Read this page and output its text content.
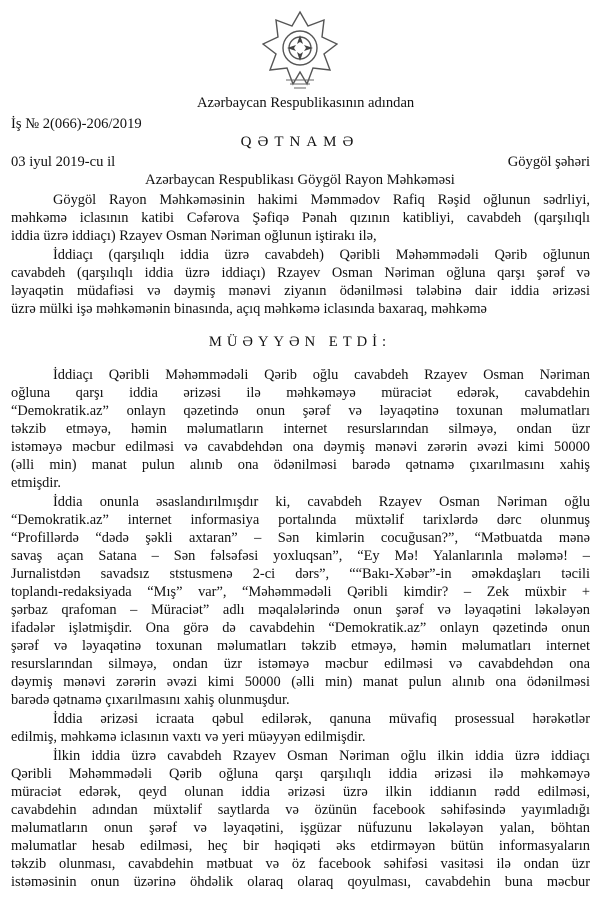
Azərbaycan Respublikasının adından
İş № 2(066)-206/2019
QƏTNAMƏ
03 iyul 2019-cu il	Göygöl şəhəri
Azərbaycan Respublikası Göygöl Rayon Məhkəməsi
Göygöl Rayon Məhkəməsinin hakimi Məmmədov Rafiq Rəşid oğlunun sədrliyi,
məhkəmə iclasının katibi Cəfərova Şəfiqə Pənah qızının katibliyi, cavabdeh (qarşılıqlı
iddia üzrə iddiaçı) Rzayev Osman Nəriman oğlunun iştirakı ilə,
İddiaçı (qarşılıqlı iddia üzrə cavabdeh) Qəribli Məhəmmədəli Qərib oğlunun
cavabdeh (qarşılıqlı iddia üzrə iddiaçı) Rzayev Osman Nəriman oğluna qarşı şərəf və
ləyaqətin müdafiəsi və dəymiş mənəvi ziyanın ödənilməsi tələbinə dair iddia ərizəsi
üzrə mülki işə məhkəmənin binasında, açıq məhkəmə iclasında baxaraq, məhkəmə
MÜƏYYƏN ETDİ:
İddiaçı Qəribli Məhəmmədəli Qərib oğlu cavabdeh Rzayev Osman Nəriman
oğluna qarşı iddia ərizəsi ilə məhkəməyə müraciət edərək, cavabdehin
“Demokratik.az” onlayn qəzetində onun şərəf və ləyaqətinə toxunan məlumatları
təkzib etməyə, həmin məlumatların internet resurslarından silməyə, ondan üzr
istəməyə məcbur edilməsi və cavabdehdən ona dəymiş mənəvi zərərin əvəzi kimi 50000
(əlli min) manat pulun alınıb ona ödənilməsi barədə qətnamə çıxarılmasını xahiş
etmişdir.
İddia onunla əsaslandırılmışdır ki, cavabdeh Rzayev Osman Nəriman oğlu
“Demokratik.az” internet informasiya portalında müxtəlif tarixlərdə dərc olunmuş
“Profillərdə “dədə şəkli axtaran” – Sən kimlərin cocuğusan?”, “Mətbuatda mənə
savaş açan Satana – Sən fəlsəfəsi yoxluqsan”, “Ey Mə! Yalanlarınla mələmə! –
Jurnalistdən savadsız ststusmenə 2-ci dərs”, ““Bakı-Xəbər”-in əməkdaşları təcili
toplandı-redaksiyada “Mış” var”, “Məhəmmədəli Qəribli kimdir? – Zek müxbir +
şərbaz qrafoman – Müraciət” adlı məqalələrində onun şərəf və ləyaqətini ləkələyən
ifadələr işlətmişdir. Ona görə də cavabdehin “Demokratik.az” onlayn qəzetində onun
şərəf və ləyaqətinə toxunan məlumatları təkzib etməyə, həmin məlumatları internet
resurslarından silməyə, ondan üzr istəməyə məcbur edilməsi və cavabdehdən ona
dəymiş mənəvi zərərin əvəzi kimi 50000 (əlli min) manat pulun alınıb ona ödənilməsi
barədə qətnamə çıxarılmasını xahiş olunmuşdur.
İddia ərizəsi icraata qəbul edilərək, qanuna müvafiq prosessual hərəkətlər
edilmiş, məhkəmə iclasının vaxtı və yeri müəyyən edilmişdir.
İlkin iddia üzrə cavabdeh Rzayev Osman Nəriman oğlu ilkin iddia üzrə iddiaçı
Qəribli Məhəmmədəli Qərib oğluna qarşı qarşılıqlı iddia ərizəsi ilə məhkəməyə
müraciət edərək, qeyd olunan iddia ərizəsi üzrə ilkin iddianın rədd edilməsi,
cavabdehin adından müxtəlif saytlarda və özünün facebook səhifəsində yayımladığı
məlumatların onun şərəf və ləyaqətini, işgüzar nüfuzunu ləkələyən yalan, böhtan
məlumatlar hesab edilməsi, heç bir həqiqəti əks etdirməyən bütün informasyaların
təkzib olunması, cavabdehin mətbuat və öz facebook səhifəsi vasitəsi ilə ondan üzr
istəməsinin onun üzərinə öhdəlik olaraq olaraq qoyulması, cavabdehin buna məcbur
